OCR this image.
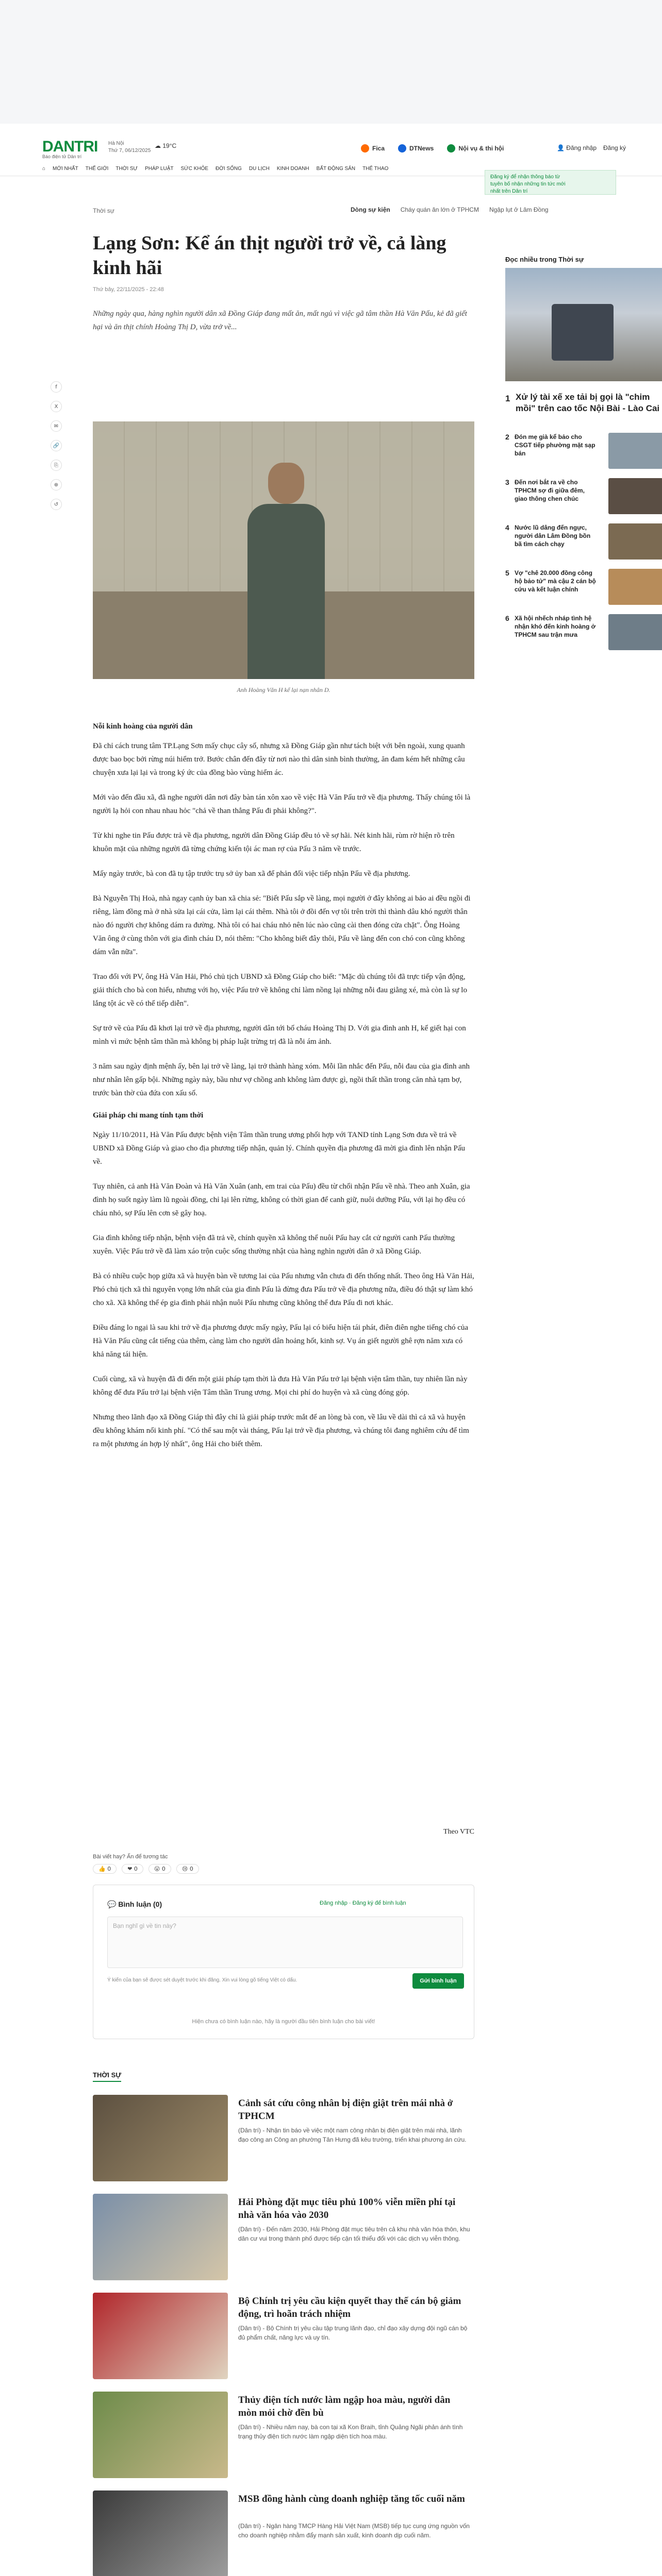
DANTRI
Báo điện tử Dân trí
Hà Nội
Thứ 7, 06/12/2025
☁ 19°C	Fica	DTNews	Nội vụ & thi hội	👤 Đăng nhập Đăng ký
⌂ MỚI NHẤT THẾ GIỚI THỜI SỰ PHÁP LUẬT SỨC KHỎE ĐỜI SỐNG DU LỊCH KINH DOANH BẤT ĐỘNG SẢN THỂ THAO
Đăng ký để nhận thông báo từ
tuyên bố nhận những tin tức mới
nhất trên Dân trí
Thời sự	Dòng sự kiện Cháy quán ăn lớn ở TPHCM Ngập lụt ở Lâm Đồng
Lạng Sơn: Kể án thịt người trở về, cả làng kinh hãi
Thứ bảy, 22/11/2025 - 22:48
Những ngày qua, hàng nghìn người dân xã Đồng Giáp đang mất ăn, mất ngủ vì việc gã tâm thần Hà Văn Pấu, kẻ đã giết hại và ăn thịt chính Hoàng Thị D, vừa trở về...
f
X
✉
🔗
⎘
⊕
↺
Anh Hoàng Văn H kể lại nạn nhân D.
Nỗi kinh hoàng của người dân

Đã chỉ cách trung tâm TP.Lạng Sơn mấy chục cây số, nhưng xã Đồng Giáp gần như tách biệt với bên ngoài, xung quanh được bao bọc bởi rừng núi hiểm trở. Bước chân đến đây từ nơi nào thì dân sinh bình thường, ăn đam kém hết những câu chuyện xưa lại lại và trong ký ức của đồng bào vùng hiểm ác.

Mới vào đến đầu xã, đã nghe người dân nơi đây bàn tán xôn xao về việc Hà Văn Pấu trở về địa phương. Thấy chúng tôi là người lạ hỏi con nhau nhau hỏc "chả về than thẳng Pấu đi phải không?".

Từ khi nghe tin Pấu được trả về địa phương, người dân Đồng Giáp đều tỏ về sợ hãi. Nét kinh hãi, rùm rờ hiện rõ trên khuôn mặt của những người đã từng chứng kiến tội ác man rợ của Pấu 3 năm về trước.

Mấy ngày trước, bà con đã tụ tập trước trụ sở ủy ban xã để phản đối việc tiếp nhận Pấu về địa phương.

Bà Nguyễn Thị Hoà, nhà ngay cạnh ủy ban xã chia sẻ: "Biết Pấu sắp về làng, mọi người ở đây không ai bảo ai đều ngồi đi riêng, làm đồng mà ở nhà sửa lại cái cửa, làm lại cái thêm. Nhà tôi ở đồi đến vợ tôi trên trời thì thành dâu khó người thân nào đó người chợ không dám ra đường. Nhà tôi có hai cháu nhỏ nên lúc nào cũng cài then đóng cửa chặt". Ông Hoàng Văn ông ở cùng thôn với gia đình cháu D, nói thêm: "Cho không biết đây thôi, Pấu về làng đến con chó con cũng không dám vẫn nữa".

Trao đổi với PV, ông Hà Văn Hải, Phó chủ tịch UBND xã Đồng Giáp cho biết: "Mặc dù chúng tôi đã trực tiếp vận động, giải thích cho bà con hiểu, nhưng với họ, việc Pấu trở về không chỉ làm nồng lại những nỗi đau giằng xé, mà còn là sự lo lắng tột ác về có thể tiếp diễn".

Sự trở về của Pấu đã khơi lại trở về địa phương, người dân tới bố cháu Hoàng Thị D. Với gia đình anh H, kể giết hại con mình vì mức bệnh tâm thần mà không bị pháp luật trừng trị đã là nỗi ám ảnh.

3 năm sau ngày định mệnh ấy, bên lại trở về làng, lại trở thành hàng xóm. Mỗi lần nhắc đến Pấu, nỗi đau của gia đình anh như nhân lên gấp bội. Những ngày này, bầu như vợ chồng anh không làm được gì, ngồi thất thần trong căn nhà tạm bợ, trước bàn thờ của đứa con xấu số.

Giải pháp chỉ mang tính tạm thời

Ngày 11/10/2011, Hà Văn Pấu được bệnh viện Tâm thần trung ương phối hợp với TAND tỉnh Lạng Sơn đưa về trả về UBND xã Đồng Giáp và giao cho địa phương tiếp nhận, quản lý. Chính quyền địa phương đã mời gia đình lên nhận Pấu về.

Tuy nhiên, cả anh Hà Văn Đoàn và Hà Văn Xuân (anh, em trai của Pấu) đều từ chối nhận Pấu về nhà. Theo anh Xuân, gia đình họ suốt ngày làm lũ ngoài đồng, chỉ lại lên rừng, không có thời gian để canh giữ, nuôi dưỡng Pấu, với lại họ đều có cháu nhỏ, sợ Pấu lên cơn sẽ gây hoạ.

Gia đình không tiếp nhận, bệnh viện đã trả về, chính quyền xã không thể nuôi Pấu hay cắt cử người canh Pấu thường xuyên. Việc Pấu trở về đã làm xáo trộn cuộc sống thường nhật của hàng nghìn người dân ở xã Đồng Giáp.

Bà có nhiều cuộc họp giữa xã và huyện bàn về tương lai của Pấu nhưng vẫn chưa đi đến thống nhất. Theo ông Hà Văn Hải, Phó chủ tịch xã thì nguyên vọng lớn nhất của gia đình Pấu là đừng đưa Pấu trở về địa phương nữa, điều đó thật sự làm khó cho xã. Xã không thể ép gia đình phải nhận nuôi Pấu nhưng cũng không thể đưa Pấu đi nơi khác.

Điều đáng lo ngại là sau khi trở về địa phương được mấy ngày, Pấu lại có biểu hiện tái phát, điên điên nghe tiếng chó của Hà Văn Pấu cũng cắt tiếng của thêm, càng làm cho người dân hoảng hốt, kinh sợ. Vụ án giết người ghê rợn năm xưa có khả năng tái hiện.

Cuối cùng, xã và huyện đã đi đến một giải pháp tạm thời là đưa Hà Văn Pấu trở lại bệnh viện tâm thần, tuy nhiên lần này không để đưa Pấu trở lại bệnh viện Tâm thần Trung ương. Mọi chi phí do huyện và xã cùng đóng góp.

Nhưng theo lãnh đạo xã Đồng Giáp thì đây chỉ là giải pháp trước mắt để an lòng bà con, về lâu về dài thì cả xã và huyện đều không khám nổi kinh phí. "Có thể sau một vài tháng, Pấu lại trở về địa phương, và chúng tôi đang nghiêm cứu để tìm ra một phương án hợp lý nhất", ông Hải cho biết thêm.

Theo VTC
Bài viết hay? Ấn để tương tác
👍 0	❤ 0	😮 0	😢 0
💬 Bình luận (0)	Đăng nhập · Đăng ký để bình luận
Bạn nghĩ gì về tin này?
Ý kiến của bạn sẽ được sét duyệt trước khi đăng. Xin vui lòng gõ tiếng Việt có dấu.	Gửi bình luận
Hiện chưa có bình luận nào, hãy là người đầu tiên bình luận cho bài viết!
THỜI SỰ
Cảnh sát cứu công nhân bị điện giật trên mái nhà ở TPHCM
(Dân trí) - Nhận tin báo về việc một nam công nhân bị điện giật trên mái nhà, lãnh đạo công an Công an phường Tân Hưng đã kêu trường, triển khai phương án cứu.
Hải Phòng đặt mục tiêu phủ 100% viễn miền phí tại nhà văn hóa vào 2030
(Dân trí) - Đến năm 2030, Hải Phòng đặt mục tiêu trên cả khu nhà văn hóa thôn, khu dân cư vui trong thành phố được tiếp cận tối thiểu đổi với các dịch vụ viễn thông.
Bộ Chính trị yêu cầu kiện quyết thay thế cán bộ giảm động, trì hoãn trách nhiệm
(Dân trí) - Bộ Chính trị yêu cầu tập trung lãnh đạo, chỉ đạo xây dựng đội ngũ cán bộ đủ phẩm chất, năng lực và uy tín.
Thủy điện tích nước làm ngập hoa màu, người dân mòn mỏi chờ đền bù
(Dân trí) - Nhiều năm nay, bà con tại xã Kon Braih, tỉnh Quảng Ngãi phản ánh tình trạng thủy điện tích nước làm ngập diện tích hoa màu.
MSB đồng hành cùng doanh nghiệp tăng tốc cuối năm
(Dân trí) - Ngân hàng TMCP Hàng Hải Việt Nam (MSB) tiếp tục cung ứng nguồn vốn cho doanh nghiệp nhằm đẩy mạnh sản xuất, kinh doanh dịp cuối năm.
Đọc nhiều trong Thời sự
1 Xử lý tài xế xe tải bị gọi là "chim mồi" trên cao tốc Nội Bài - Lào Cai
2 Đón mẹ già kể bảo cho CSGT tiếp phường mặt sạp bán
3 Đến nơi bắt ra về cho TPHCM sợ đi giữa đêm, giao thông chen chúc
4 Nước lũ dâng đến ngực, người dân Lâm Đồng bồn bã tìm cách chạy
5 Vợ "chê 20.000 đồng công hộ bảo tử" mà cậu 2 cán bộ cứu và kết luận chính
6 Xã hội nhếch nháp tình hệ nhận khó đến kinh hoàng ở TPHCM sau trận mưa
